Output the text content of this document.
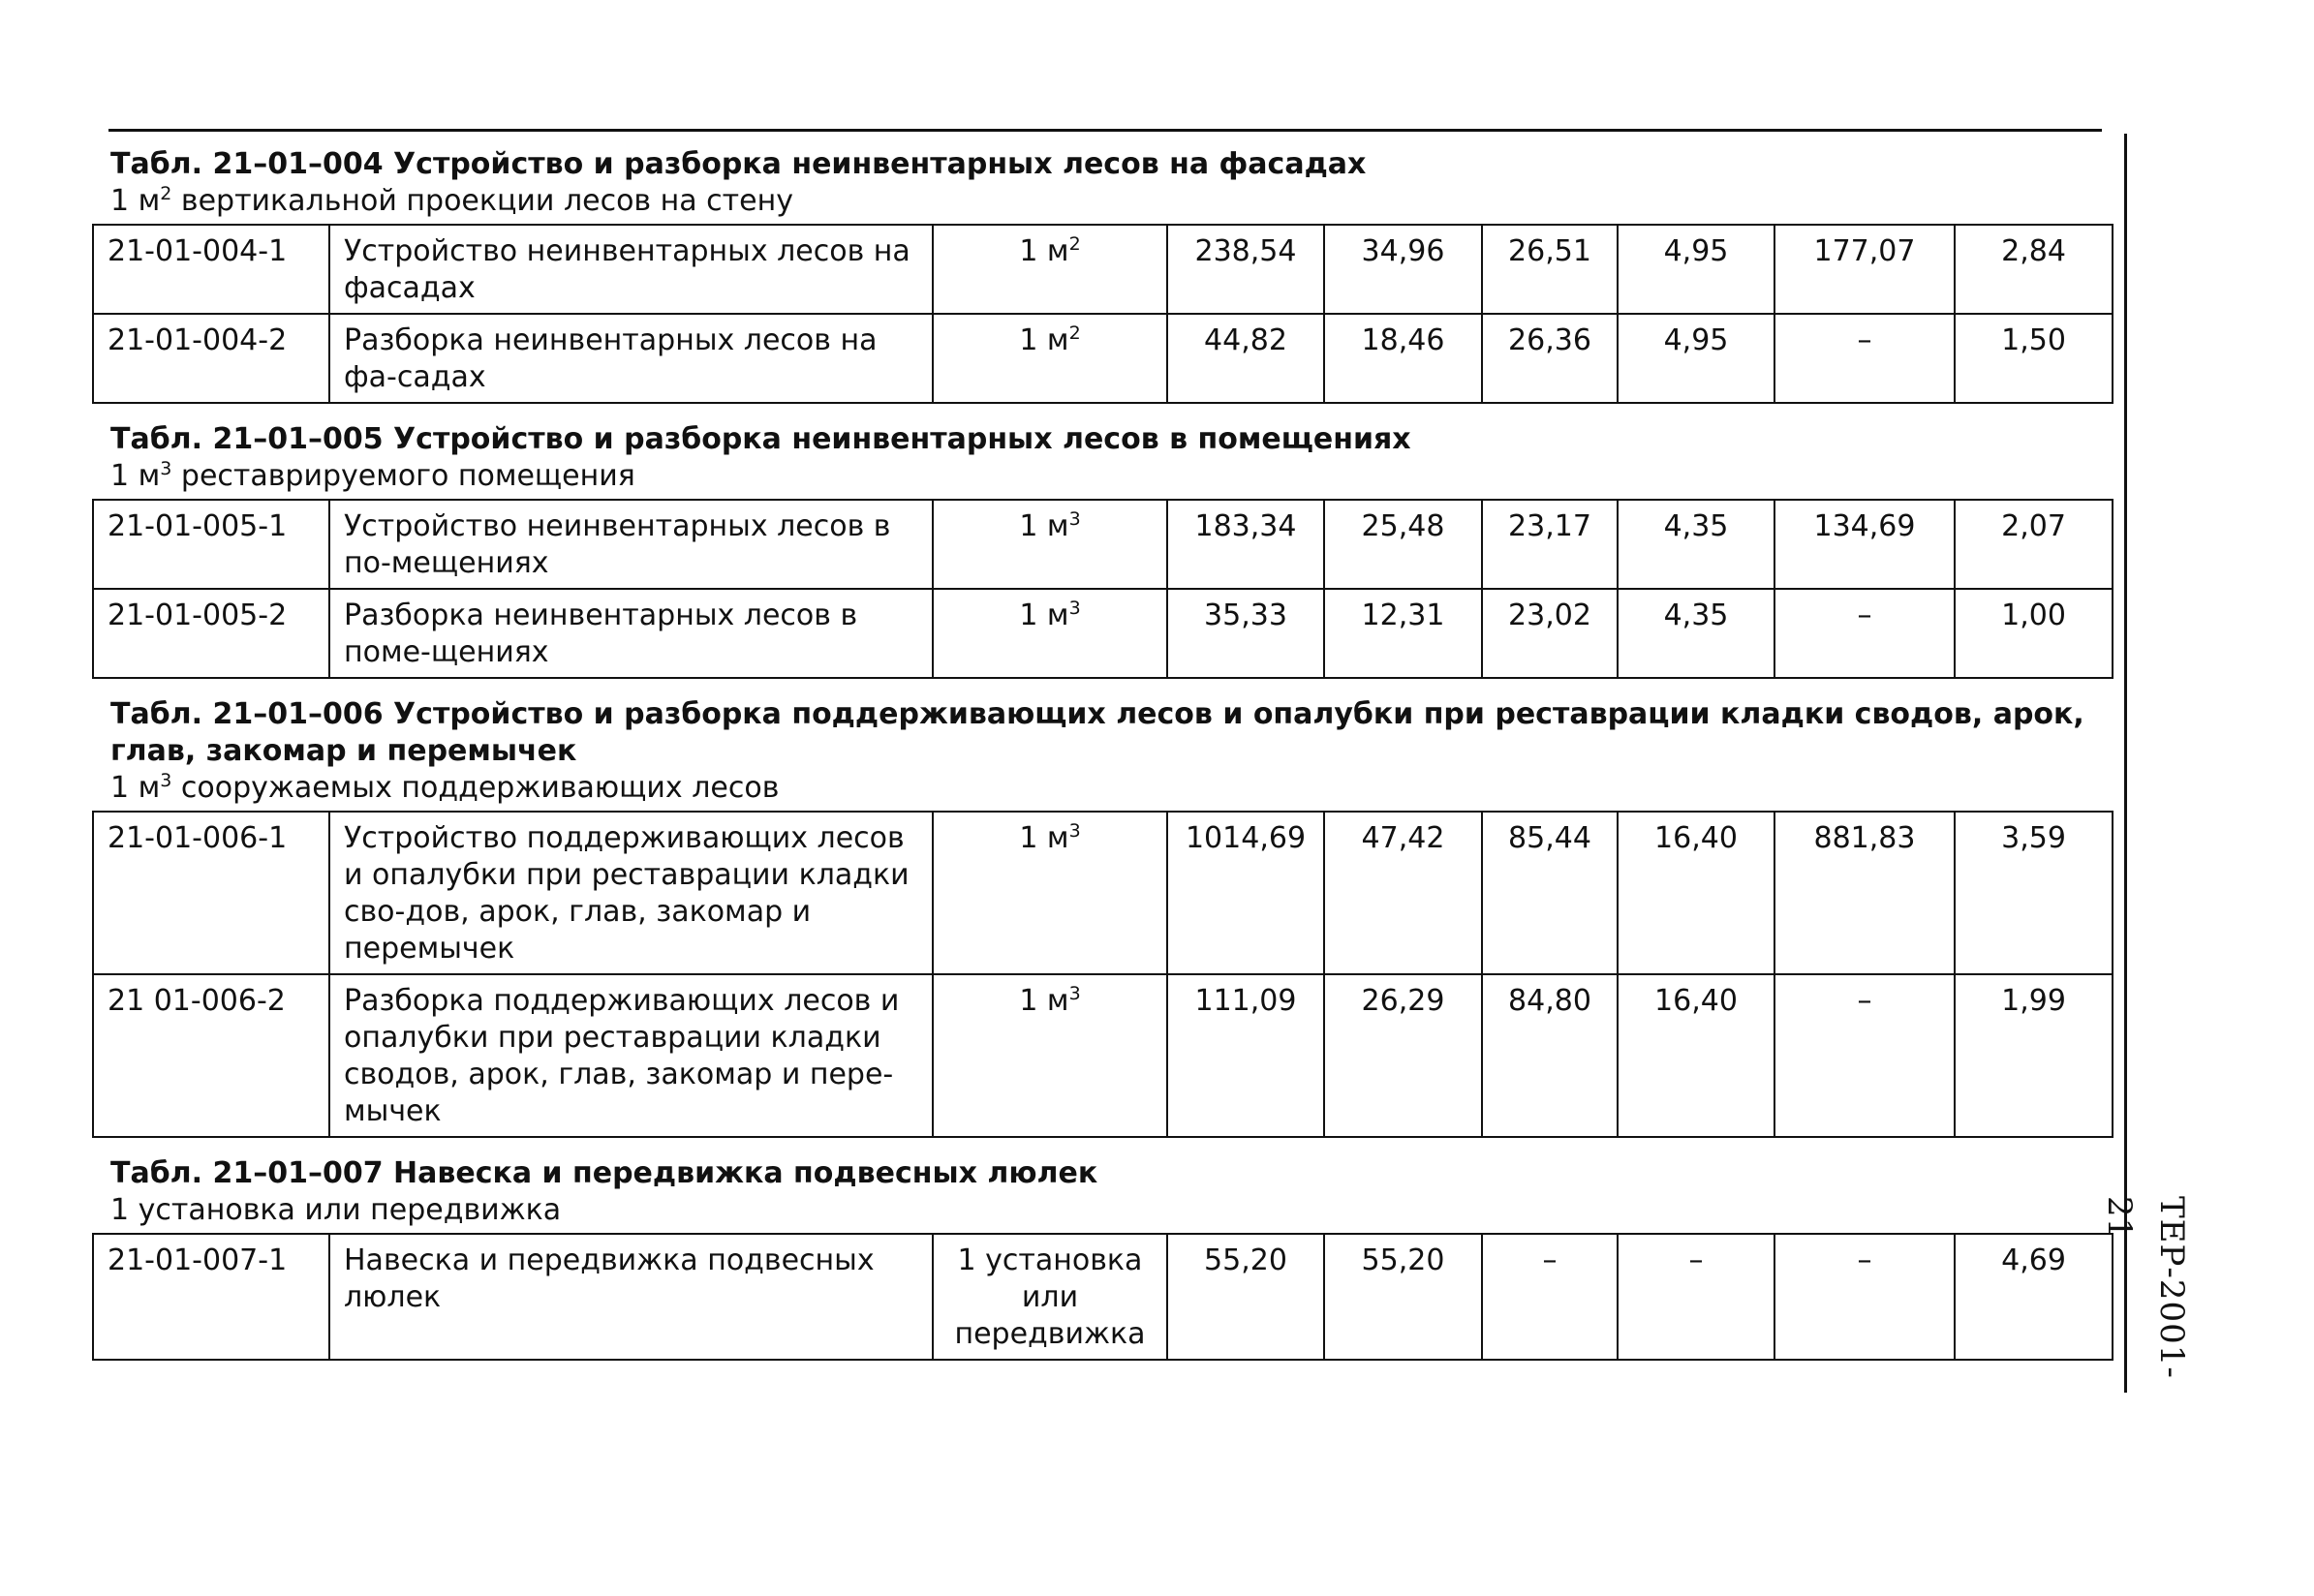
Табл. 21–01–004 Устройство и разборка неинвентарных лесов на фасадах
1 $м^2$ вертикальной проекции лесов на стену								

21-01-004-1	Устройство неинвентарных лесов на фасадах	1 $м^2$	238,54	34,96	26,51	4,95	177,07	2,84
21-01-004-2	Разборка неинвентарных лесов на фа-садах	1 $м^2$	44,82	18,46	26,36	4,95	–	1,50

Табл. 21–01–005 Устройство и разборка неинвентарных лесов в помещениях
1 $м^3$ реставрируемого помещения								

21-01-005-1	Устройство неинвентарных лесов в по-мещениях	1 $м^3$	183,34	25,48	23,17	4,35	134,69	2,07
21-01-005-2	Разборка неинвентарных лесов в поме-щениях	1 $м^3$	35,33	12,31	23,02	4,35	–	1,00

Табл. 21–01–006 Устройство и разборка поддерживающих лесов и опалубки при реставрации кладки сводов, арок, глав, закомар и перемычек
1 $м^3$ сооружаемых поддерживающих лесов								

21-01-006-1	Устройство поддерживающих лесов и опалубки при реставрации кладки сво-дов, арок, глав, закомар и перемычек	1 $м^3$	1014,69	47,42	85,44	16,40	881,83	3,59
21 01-006-2	Разборка поддерживающих лесов и опалубки при реставрации кладки сводов, арок, глав, закомар и пере-мычек	1 $м^3$	111,09	26,29	84,80	16,40	–	1,99

Табл. 21–01–007 Навеска и передвижка подвесных люлек
1 установка или передвижка								

21-01-007-1	Навеска и передвижка подвесных люлек	1 установка или передвижка	55,20	55,20	–	–	–	4,69	ТЕР-2001-21
